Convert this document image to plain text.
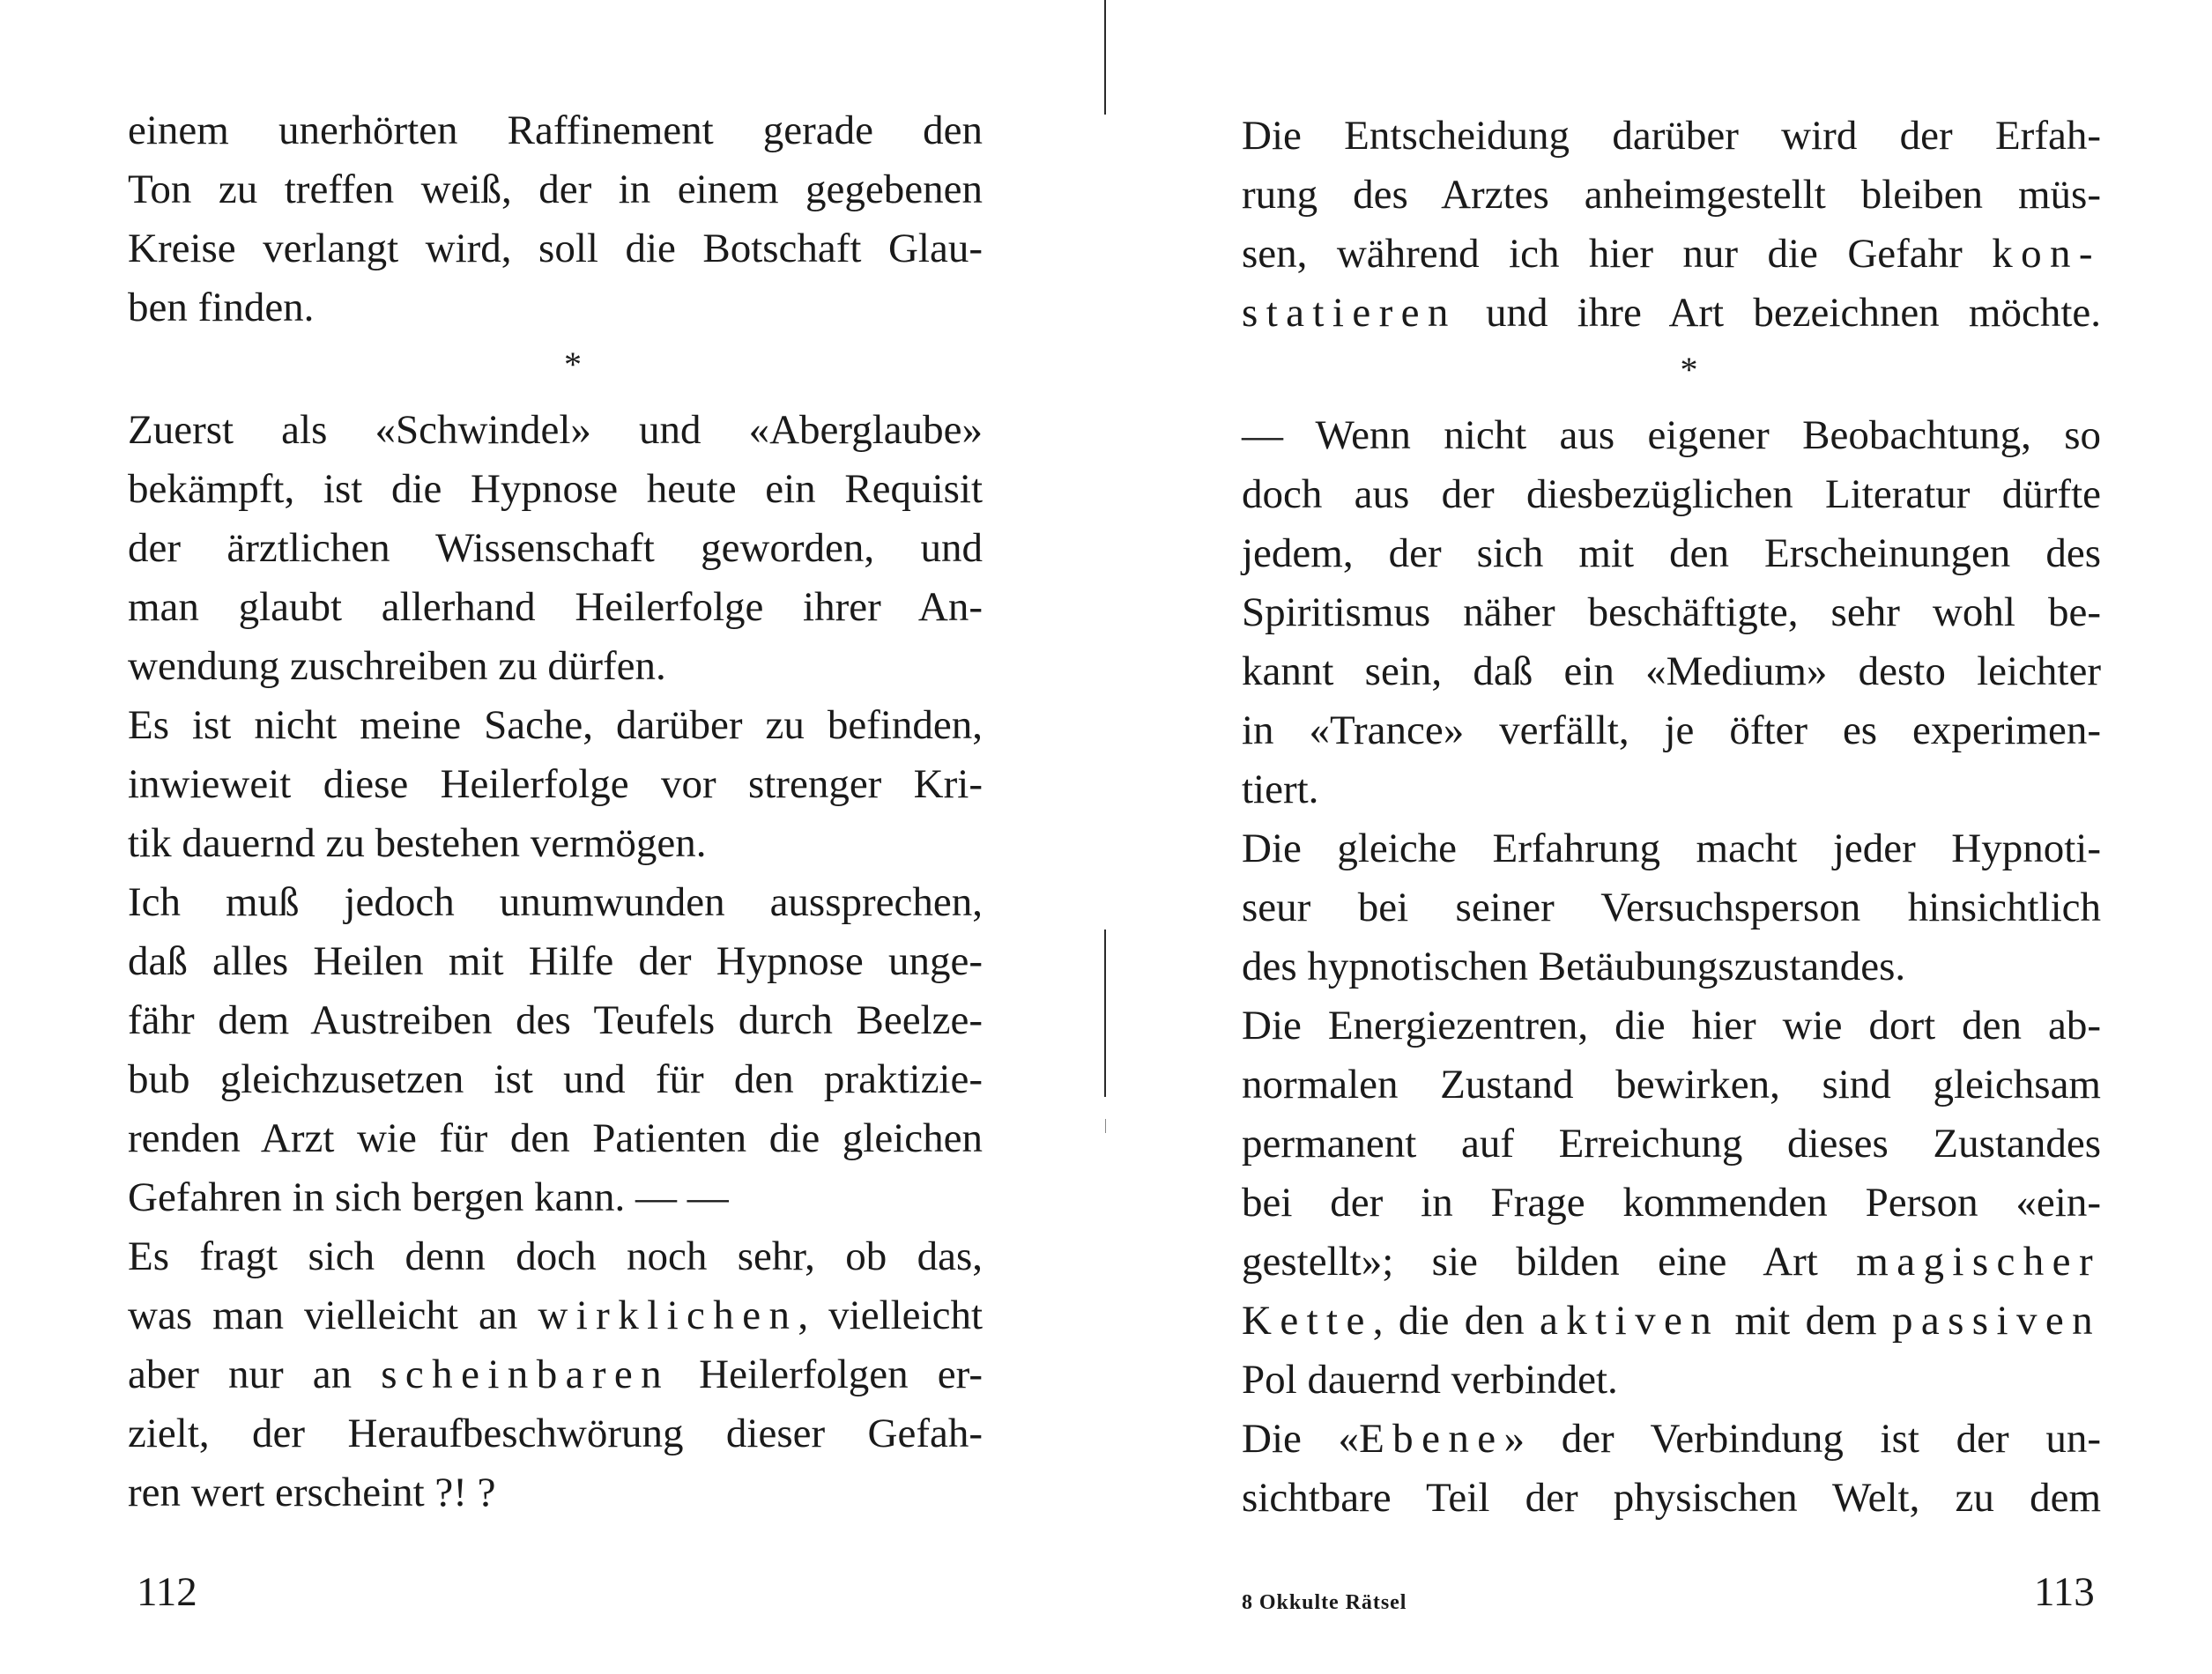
einem unerhörten Raffinement gerade den
Ton zu treffen weiß, der in einem gegebenen
Kreise verlangt wird, soll die Botschaft Glau-
ben finden.
*
Zuerst als «Schwindel» und «Aberglaube»
bekämpft, ist die Hypnose heute ein Requisit
der ärztlichen Wissenschaft geworden, und
man glaubt allerhand Heilerfolge ihrer An-
wendung zuschreiben zu dürfen.
Es ist nicht meine Sache, darüber zu befinden,
inwieweit diese Heilerfolge vor strenger Kri-
tik dauernd zu bestehen vermögen.
Ich muß jedoch unumwunden aussprechen,
daß alles Heilen mit Hilfe der Hypnose unge-
fähr dem Austreiben des Teufels durch Beelze-
bub gleichzusetzen ist und für den praktizie-
renden Arzt wie für den Patienten die gleichen
Gefahren in sich bergen kann. — —
Es fragt sich denn doch noch sehr, ob das,
was man vielleicht an wirklichen, vielleicht
aber nur an scheinbaren Heilerfolgen er-
zielt, der Heraufbeschwörung dieser Gefah-
ren wert erscheint ?! ?
112
Die Entscheidung darüber wird der Erfah-
rung des Arztes anheimgestellt bleiben müs-
sen, während ich hier nur die Gefahr kon-
statieren und ihre Art bezeichnen möchte.
*
— Wenn nicht aus eigener Beobachtung, so
doch aus der diesbezüglichen Literatur dürfte
jedem, der sich mit den Erscheinungen des
Spiritismus näher beschäftigte, sehr wohl be-
kannt sein, daß ein «Medium» desto leichter
in «Trance» verfällt, je öfter es experimen-
tiert.
Die gleiche Erfahrung macht jeder Hypnoti-
seur bei seiner Versuchsperson hinsichtlich
des hypnotischen Betäubungszustandes.
Die Energiezentren, die hier wie dort den ab-
normalen Zustand bewirken, sind gleichsam
permanent auf Erreichung dieses Zustandes
bei der in Frage kommenden Person «ein-
gestellt»; sie bilden eine Art magischer
Kette, die den aktiven mit dem passiven
Pol dauernd verbindet.
Die «Ebene» der Verbindung ist der un-
sichtbare Teil der physischen Welt, zu dem
8 Okkulte Rätsel	113
